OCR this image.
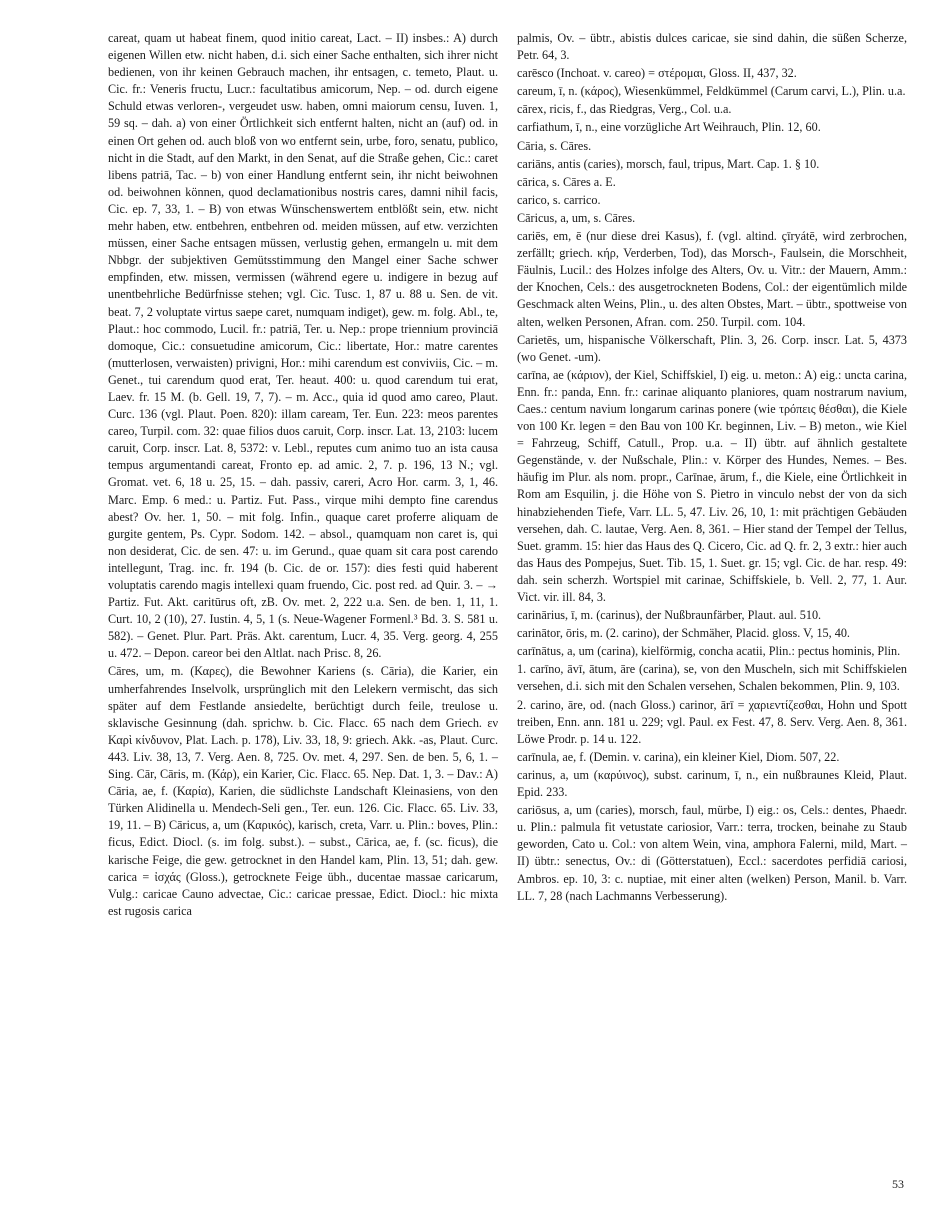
careat, quam ut habeat finem, quod initio careat, Lact. – II) insbes.: A) durch eigenen Willen etw. nicht haben, d.i. sich einer Sache enthalten, sich ihrer nicht bedienen, von ihr keinen Gebrauch machen, ihr entsagen, c. temeto, Plaut. u. Cic. fr.: Veneris fructu, Lucr.: facultatibus amicorum, Nep. – od. durch eigene Schuld etwas verloren-, vergeudet usw. haben, omni maiorum censu, Iuven. 1, 59 sq. – dah. a) von einer Örtlichkeit sich entfernt halten, nicht an (auf) od. in einen Ort gehen od. auch bloß von wo entfernt sein, urbe, foro, senatu, publico, nicht in die Stadt, auf den Markt, in den Senat, auf die Straße gehen, Cic.: caret libens patriā, Tac. – b) von einer Handlung entfernt sein, ihr nicht beiwohnen od. beiwohnen können, quod declamationibus nostris cares, damni nihil facis, Cic. ep. 7, 33, 1. – B) von etwas Wünschenswertem entblößt sein, etw. nicht mehr haben, etw. entbehren, entbehren od. meiden müssen, auf etw. verzichten müssen, einer Sache entsagen müssen, verlustig gehen, ermangeln u. mit dem Nbbgr. der subjektiven Gemütsstimmung den Mangel einer Sache schwer empfinden, etw. missen, vermissen (während egere u. indigere in bezug auf unentbehrliche Bedürfnisse stehen; vgl. Cic. Tusc. 1, 87 u. 88 u. Sen. de vit. beat. 7, 2 voluptate virtus saepe caret, numquam indiget), gew. m. folg. Abl., te, Plaut.: hoc commodo, Lucil. fr.: patriā, Ter. u. Nep.: prope triennium provinciā domoque, Cic.: consuetudine amicorum, Cic.: libertate, Hor.: matre carentes (mutterlosen, verwaisten) privigni, Hor.: mihi carendum est conviviis, Cic. – m. Genet., tui carendum quod erat, Ter. heaut. 400: u. quod carendum tui erat, Laev. fr. 15 M. (b. Gell. 19, 7, 7). – m. Acc., quia id quod amo careo, Plaut. Curc. 136 (vgl. Plaut. Poen. 820): illam caream, Ter. Eun. 223: meos parentes careo, Turpil. com. 32: quae filios duos caruit, Corp. inscr. Lat. 13, 2103: lucem caruit, Corp. inscr. Lat. 8, 5372: v. Lebl., reputes cum animo tuo an ista causa tempus argumentandi careat, Fronto ep. ad amic. 2, 7. p. 196, 13 N.; vgl. Gromat. vet. 6, 18 u. 25, 15. – dah. passiv, careri, Acro Hor. carm. 3, 1, 46. Marc. Emp. 6 med.: u. Partiz. Fut. Pass., virque mihi dempto fine carendus abest? Ov. her. 1, 50. – mit folg. Infin., quaque caret proferre aliquam de gurgite gentem, Ps. Cypr. Sodom. 142. – absol., quamquam non caret is, qui non desiderat, Cic. de sen. 47: u. im Gerund., quae quam sit cara post carendo intellegunt, Trag. inc. fr. 194 (b. Cic. de or. 157): dies festi quid haberent voluptatis carendo magis intellexi quam fruendo, Cic. post red. ad Quir. 3. – → Partiz. Fut. Akt. caritūrus oft, zB. Ov. met. 2, 222 u.a. Sen. de ben. 1, 11, 1. Curt. 10, 2 (10), 27. Iustin. 4, 5, 1 (s. Neue-Wagener Formenl.³ Bd. 3. S. 581 u. 582). – Genet. Plur. Part. Präs. Akt. carentum, Lucr. 4, 35. Verg. georg. 4, 255 u. 472. – Depon. careor bei den Altlat. nach Prisc. 8, 26.

Cāres, um, m. (Καρες), die Bewohner Kariens (s. Cāria), die Karier, ein umherfahrendes Inselvolk, ursprünglich mit den Lelekern vermischt, das sich später auf dem Festlande ansiedelte, berüchtigt durch feile, treulose u. sklavische Gesinnung (dah. sprichw. b. Cic. Flacc. 65 nach dem Griech. εν Καρὶ κίνδυνον, Plat. Lach. p. 178), Liv. 33, 18, 9: griech. Akk. -as, Plaut. Curc. 443. Liv. 38, 13, 7. Verg. Aen. 8, 725. Ov. met. 4, 297. Sen. de ben. 5, 6, 1. – Sing. Cār, Cāris, m. (Κάρ), ein Karier, Cic. Flacc. 65. Nep. Dat. 1, 3. – Dav.: A) Cāria, ae, f. (Καρία), Karien, die südlichste Landschaft Kleinasiens, von den Türken Alidinella u. Mendech-Seli gen., Ter. eun. 126. Cic. Flacc. 65. Liv. 33, 19, 11. – B) Cāricus, a, um (Καρικός), karisch, creta, Varr. u. Plin.: boves, Plin.: ficus, Edict. Diocl. (s. im folg. subst.). – subst., Cārica, ae, f. (sc. ficus), die karische Feige, die gew. getrocknet in den Handel kam, Plin. 13, 51; dah. gew. carica = ἰσχάς (Gloss.), getrocknete Feige übh., ducentae massae caricarum, Vulg.: caricae Cauno advectae, Cic.: caricae pressae, Edict. Diocl.: hic mixta est rugosis carica

palmis, Ov. – übtr., abistis dulces caricae, sie sind dahin, die süßen Scherze, Petr. 64, 3.

carēsco (Inchoat. v. careo) = στέρομαι, Gloss. II, 437, 32.

careum, ī, n. (κάρος), Wiesenkümmel, Feldkümmel (Carum carvi, L.), Plin. u.a.

cārex, ricis, f., das Riedgras, Verg., Col. u.a.

carfiathum, ī, n., eine vorzügliche Art Weihrauch, Plin. 12, 60.

Cāria, s. Cāres.

cariāns, antis (caries), morsch, faul, tripus, Mart. Cap. 1. § 10.

cārica, s. Cāres a. E.

carico, s. carrico.

Cāricus, a, um, s. Cāres.

cariēs, em, ē (nur diese drei Kasus), f. (vgl. altind. çīryátē, wird zerbrochen, zerfällt; griech. κήρ, Verderben, Tod), das Morsch-, Faulsein, die Morschheit, Fäulnis, Lucil.: des Holzes infolge des Alters, Ov. u. Vitr.: der Mauern, Amm.: der Knochen, Cels.: des ausgetrockneten Bodens, Col.: der eigentümlich milde Geschmack alten Weins, Plin., u. des alten Obstes, Mart. – übtr., spottweise von alten, welken Personen, Afran. com. 250. Turpil. com. 104.

Carietēs, um, hispanische Völkerschaft, Plin. 3, 26. Corp. inscr. Lat. 5, 4373 (wo Genet. -um).

carīna, ae (κάριον), der Kiel, Schiffskiel, I) eig. u. meton.: A) eig.: uncta carina, Enn. fr.: panda, Enn. fr.: carinae aliquanto planiores, quam nostrarum navium, Caes.: centum navium longarum carinas ponere (wie τρόπεις θέσθαι), die Kiele von 100 Kr. legen = den Bau von 100 Kr. beginnen, Liv. – B) meton., wie Kiel = Fahrzeug, Schiff, Catull., Prop. u.a. – II) übtr. auf ähnlich gestaltete Gegenstände, v. der Nußschale, Plin.: v. Körper des Hundes, Nemes. – Bes. häufig im Plur. als nom. propr., Carīnae, ārum, f., die Kiele, eine Örtlichkeit in Rom am Esquilin, j. die Höhe von S. Pietro in vinculo nebst der von da sich hinabziehenden Tiefe, Varr. LL. 5, 47. Liv. 26, 10, 1: mit prächtigen Gebäuden versehen, dah. C. lautae, Verg. Aen. 8, 361. – Hier stand der Tempel der Tellus, Suet. gramm. 15: hier das Haus des Q. Cicero, Cic. ad Q. fr. 2, 3 extr.: hier auch das Haus des Pompejus, Suet. Tib. 15, 1. Suet. gr. 15; vgl. Cic. de har. resp. 49: dah. sein scherzh. Wortspiel mit carinae, Schiffskiele, b. Vell. 2, 77, 1. Aur. Vict. vir. ill. 84, 3.

carinārius, ī, m. (carinus), der Nußbraunfärber, Plaut. aul. 510.

carinātor, ōris, m. (2. carino), der Schmäher, Placid. gloss. V, 15, 40.

carīnātus, a, um (carina), kielförmig, concha acatii, Plin.: pectus hominis, Plin.

1. carīno, āvī, ātum, āre (carina), se, von den Muscheln, sich mit Schiffskielen versehen, d.i. sich mit den Schalen versehen, Schalen bekommen, Plin. 9, 103.

2. carino, āre, od. (nach Gloss.) carinor, ārī = χαριεντίζεσθαι, Hohn und Spott treiben, Enn. ann. 181 u. 229; vgl. Paul. ex Fest. 47, 8. Serv. Verg. Aen. 8, 361. Löwe Prodr. p. 14 u. 122.

carīnula, ae, f. (Demin. v. carina), ein kleiner Kiel, Diom. 507, 22.

carinus, a, um (καρύινος), subst. carinum, ī, n., ein nußbraunes Kleid, Plaut. Epid. 233.

cariōsus, a, um (caries), morsch, faul, mürbe, I) eig.: os, Cels.: dentes, Phaedr. u. Plin.: palmula fit vetustate cariosior, Varr.: terra, trocken, beinahe zu Staub geworden, Cato u. Col.: von altem Wein, vina, amphora Falerni, mild, Mart. – II) übtr.: senectus, Ov.: di (Götterstatuen), Eccl.: sacerdotes perfidiā cariosi, Ambros. ep. 10, 3: c. nuptiae, mit einer alten (welken) Person, Manil. b. Varr. LL. 7, 28 (nach Lachmanns Verbesserung).

53
